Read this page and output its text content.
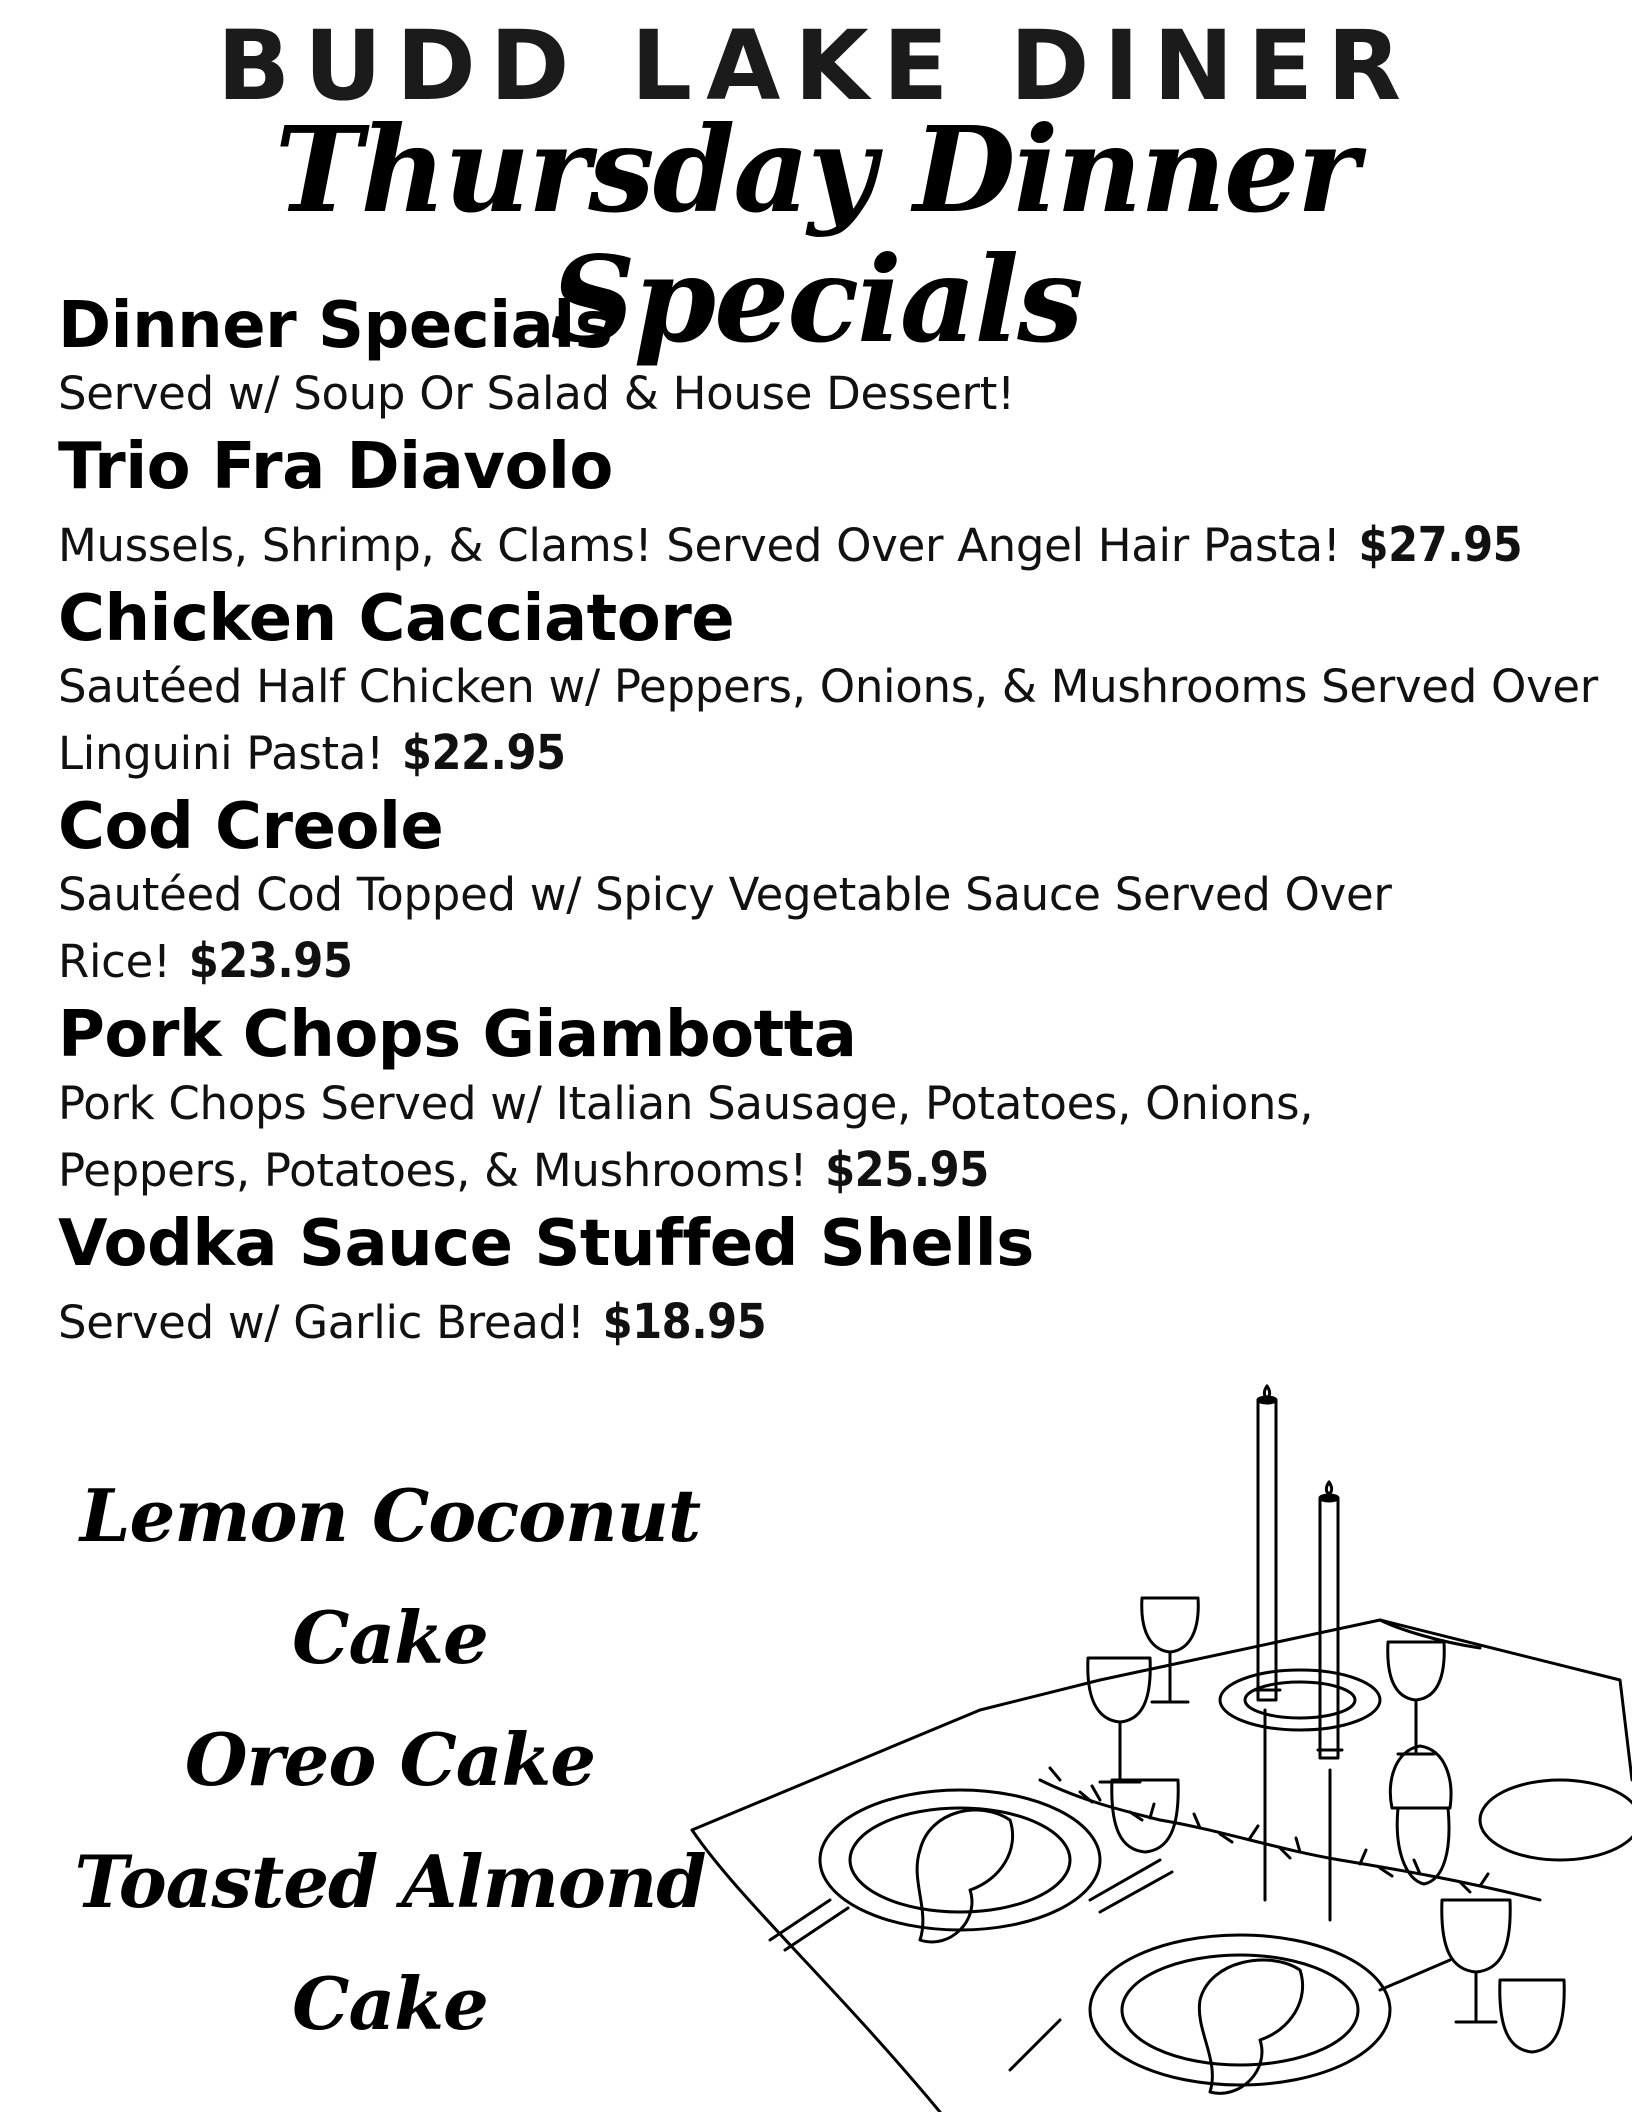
BUDD LAKE DINER
Thursday Dinner Specials
Dinner Specials
Served w/ Soup Or Salad & House Dessert!
Trio Fra Diavolo
Mussels, Shrimp, & Clams! Served Over Angel Hair Pasta! $27.95
Chicken Cacciatore
Sautéed Half Chicken w/ Peppers, Onions, & Mushrooms Served Over Linguini Pasta! $22.95
Cod Creole
Sautéed Cod Topped w/ Spicy Vegetable Sauce Served Over Rice! $23.95
Pork Chops Giambotta
Pork Chops Served w/ Italian Sausage, Potatoes, Onions, Peppers, Potatoes, & Mushrooms! $25.95
Vodka Sauce Stuffed Shells
Served w/ Garlic Bread! $18.95
Lemon Coconut Cake
Oreo Cake
Toasted Almond Cake
